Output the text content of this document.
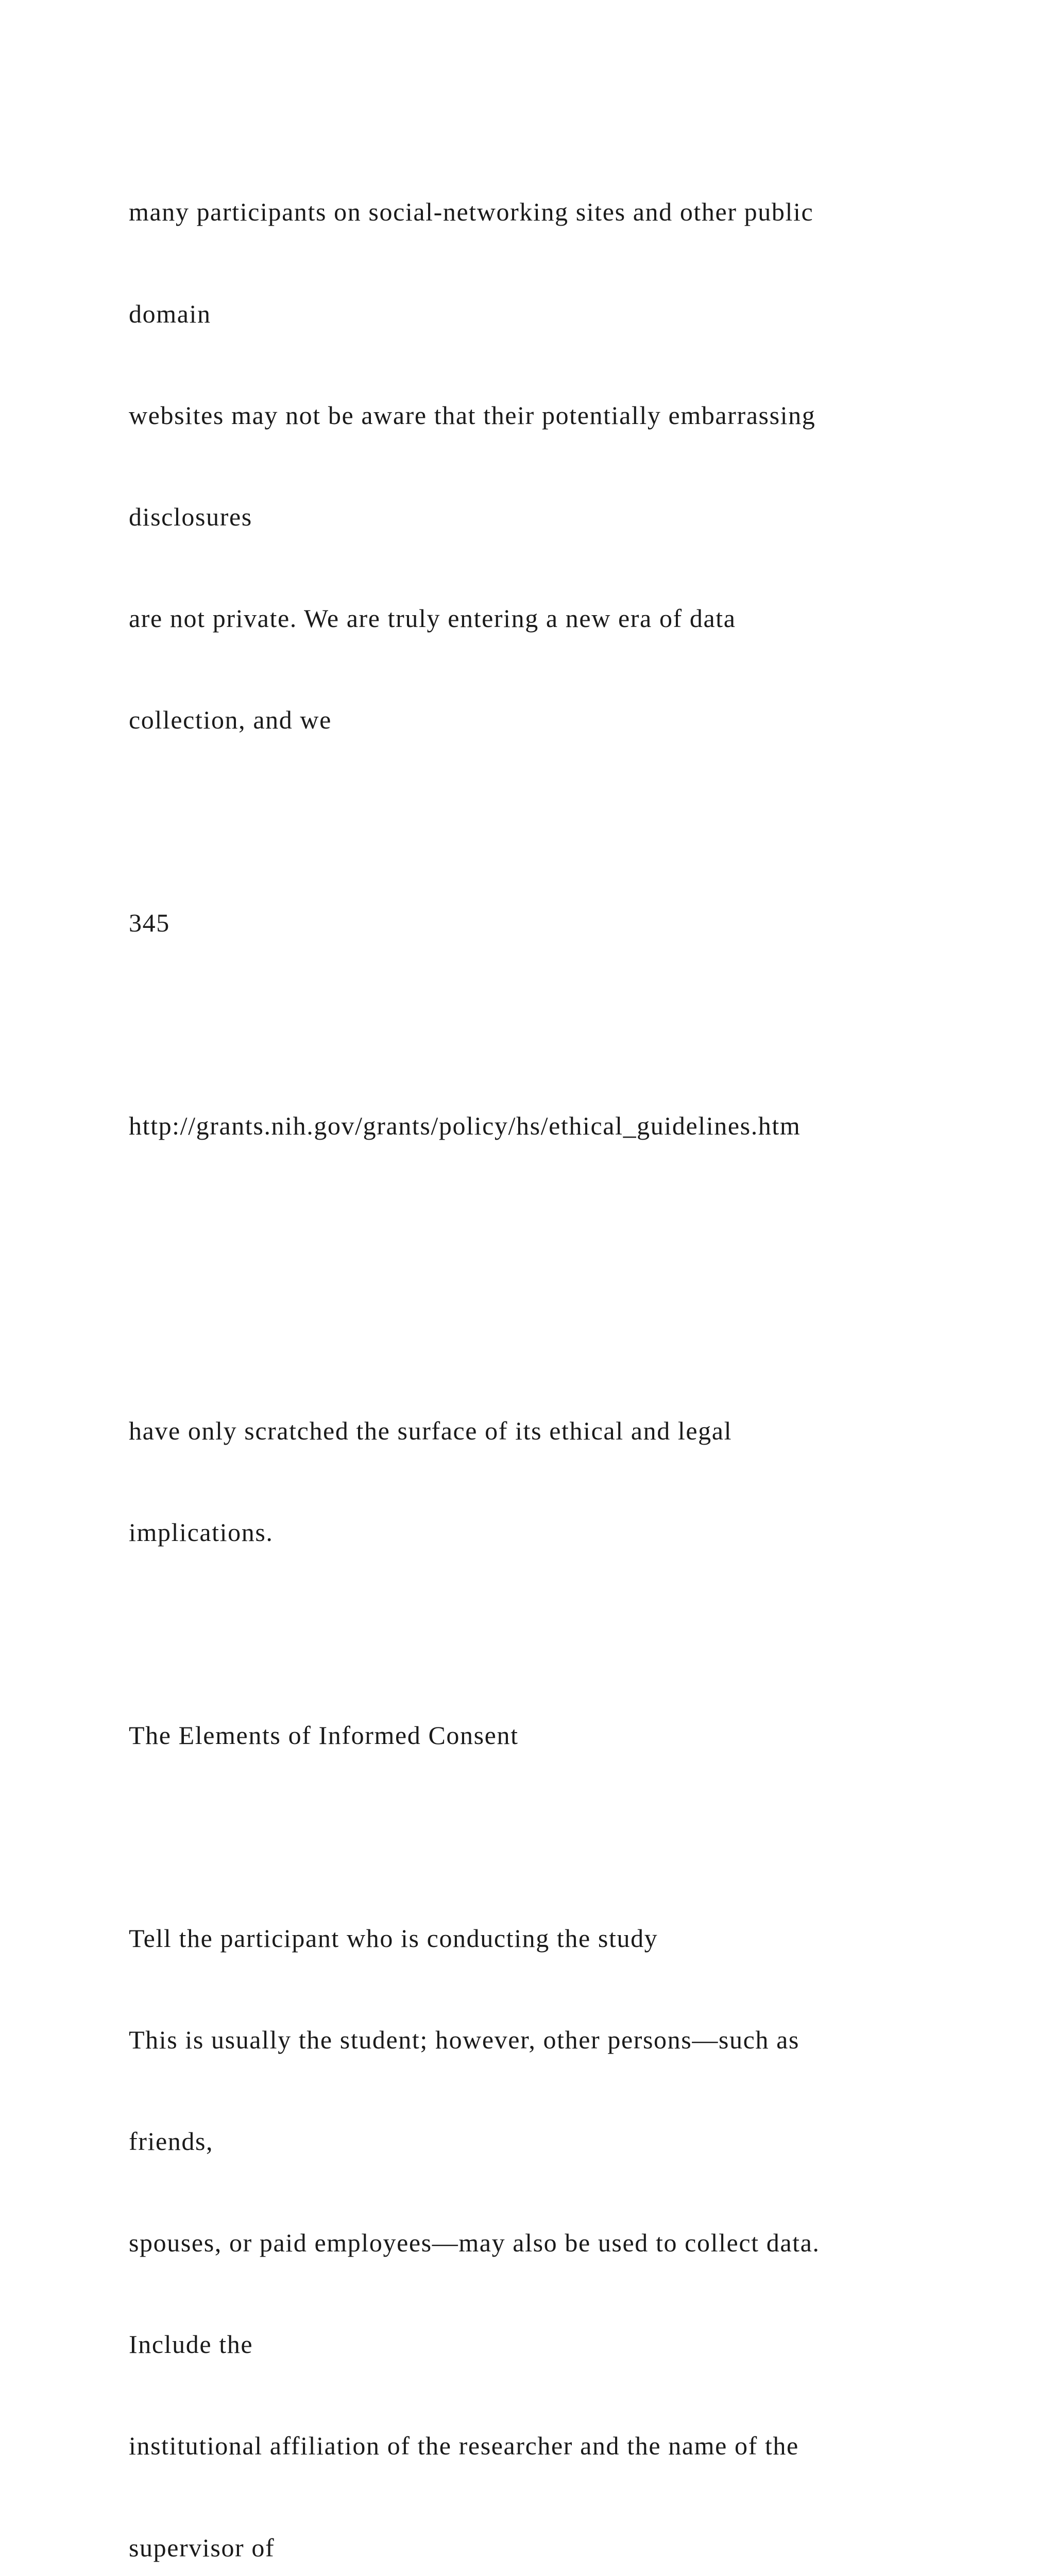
many participants on social-networking sites and other public

domain

websites may not be aware that their potentially embarrassing

disclosures

are not private. We are truly entering a new era of data

collection, and we

345

http://grants.nih.gov/grants/policy/hs/ethical_guidelines.htm

have only scratched the surface of its ethical and legal

implications.

The Elements of Informed Consent

Tell the participant who is conducting the study

This is usually the student; however, other persons—such as

friends,

spouses, or paid employees—may also be used to collect data.

Include the

institutional affiliation of the researcher and the name of the

supervisor of
